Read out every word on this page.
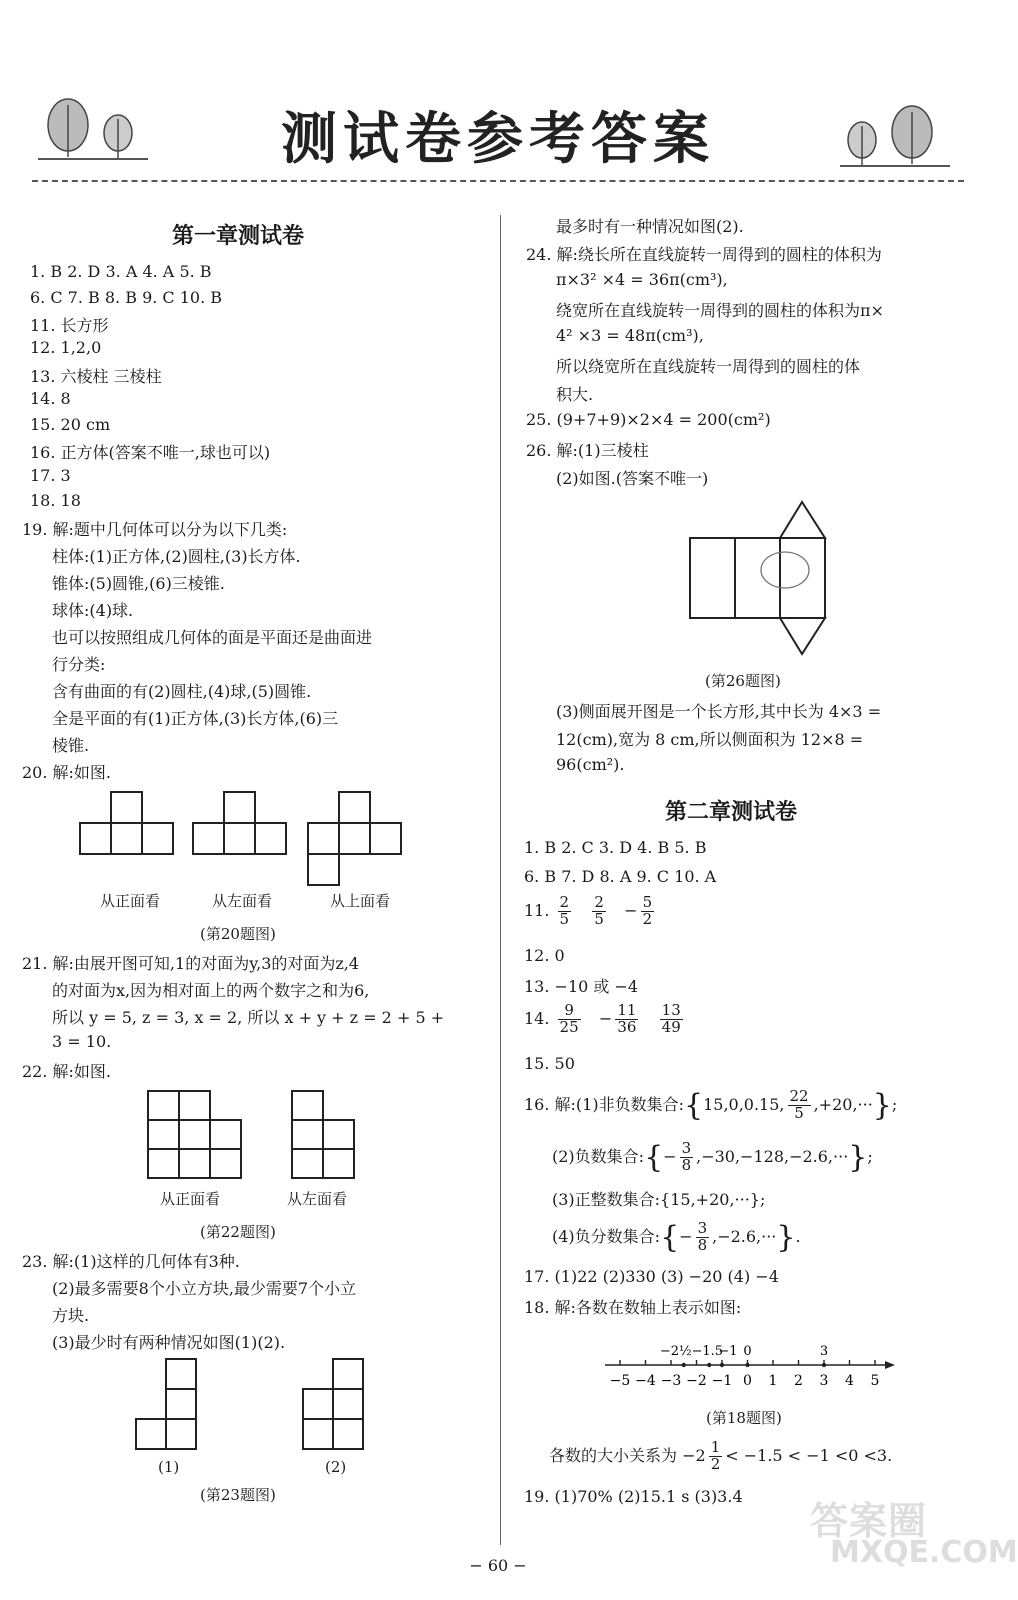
测试卷参考答案
第一章测试卷
1. B 2. D 3. A 4. A 5. B
6. C 7. B 8. B 9. C 10. B
11. 长方形
12. 1,2,0
13. 六棱柱 三棱柱
14. 8
15. 20 cm
16. 正方体(答案不唯一,球也可以)
17. 3
18. 18
19. 解:题中几何体可以分为以下几类:
柱体:(1)正方体,(2)圆柱,(3)长方体.
锥体:(5)圆锥,(6)三棱锥.
球体:(4)球.
也可以按照组成几何体的面是平面还是曲面进
行分类:
含有曲面的有(2)圆柱,(4)球,(5)圆锥.
全是平面的有(1)正方体,(3)长方体,(6)三
棱锥.
20. 解:如图.
从正面看	从左面看	从上面看
(第20题图)
21. 解:由展开图可知,1的对面为y,3的对面为z,4
的对面为x,因为相对面上的两个数字之和为6,
所以 y = 5, z = 3, x = 2, 所以 x + y + z = 2 + 5 +
3 = 10.
22. 解:如图.
从正面看	从左面看
(第22题图)
23. 解:(1)这样的几何体有3种.
(2)最多需要8个小立方块,最少需要7个小立
方块.
(3)最少时有两种情况如图(1)(2).
(1)	(2)
(第23题图)
最多时有一种情况如图(2).
24. 解:绕长所在直线旋转一周得到的圆柱的体积为
π×3² ×4 = 36π(cm³),
绕宽所在直线旋转一周得到的圆柱的体积为π×
4² ×3 = 48π(cm³),
所以绕宽所在直线旋转一周得到的圆柱的体
积大.
25. (9+7+9)×2×4 = 200(cm²)
26. 解:(1)三棱柱
(2)如图.(答案不唯一)
(第26题图)
(3)侧面展开图是一个长方形,其中长为 4×3 =
12(cm),宽为 8 cm,所以侧面积为 12×8 =
96(cm²).
第二章测试卷
1. B 2. C 3. D 4. B 5. B
6. B 7. D 8. A 9. C 10. A
11. $\frac{2}{5}$
$\frac{2}{5} - \frac{5}{2}$
12. 0
13. −10 或 −4
14. $\frac{9}{25} - \frac{11}{36}$
$\frac{13}{49}$
15. 50
16. 解:(1)非负数集合:{15,0,0.15, $\frac{22}{5} ,+20,\cdot\cdot\cdot$};
(2)负数集合:{− $\frac{3}{8} ,-30,-128,-2.6,\cdot\cdot\cdot$};
(3)正整数集合:{15,+20,···};
(4)负分数集合:{− $\frac{3}{8} ,-2.6,\cdot\cdot\cdot$}.
17. (1)22 (2)330 (3) −20 (4) −4
18. 解:各数在数轴上表示如图:
−5 −4 −3 −2 −1 0 1 2 3 4 5
−2½ −1.5
−1 0	3
(第18题图)
各数的大小关系为 $-2 \frac{1}{2} < -1.5 < -1 <0 <3$.
19. (1)70% (2)15.1 s (3)3.4
答案圈
MXQE.COM
− 60 −
